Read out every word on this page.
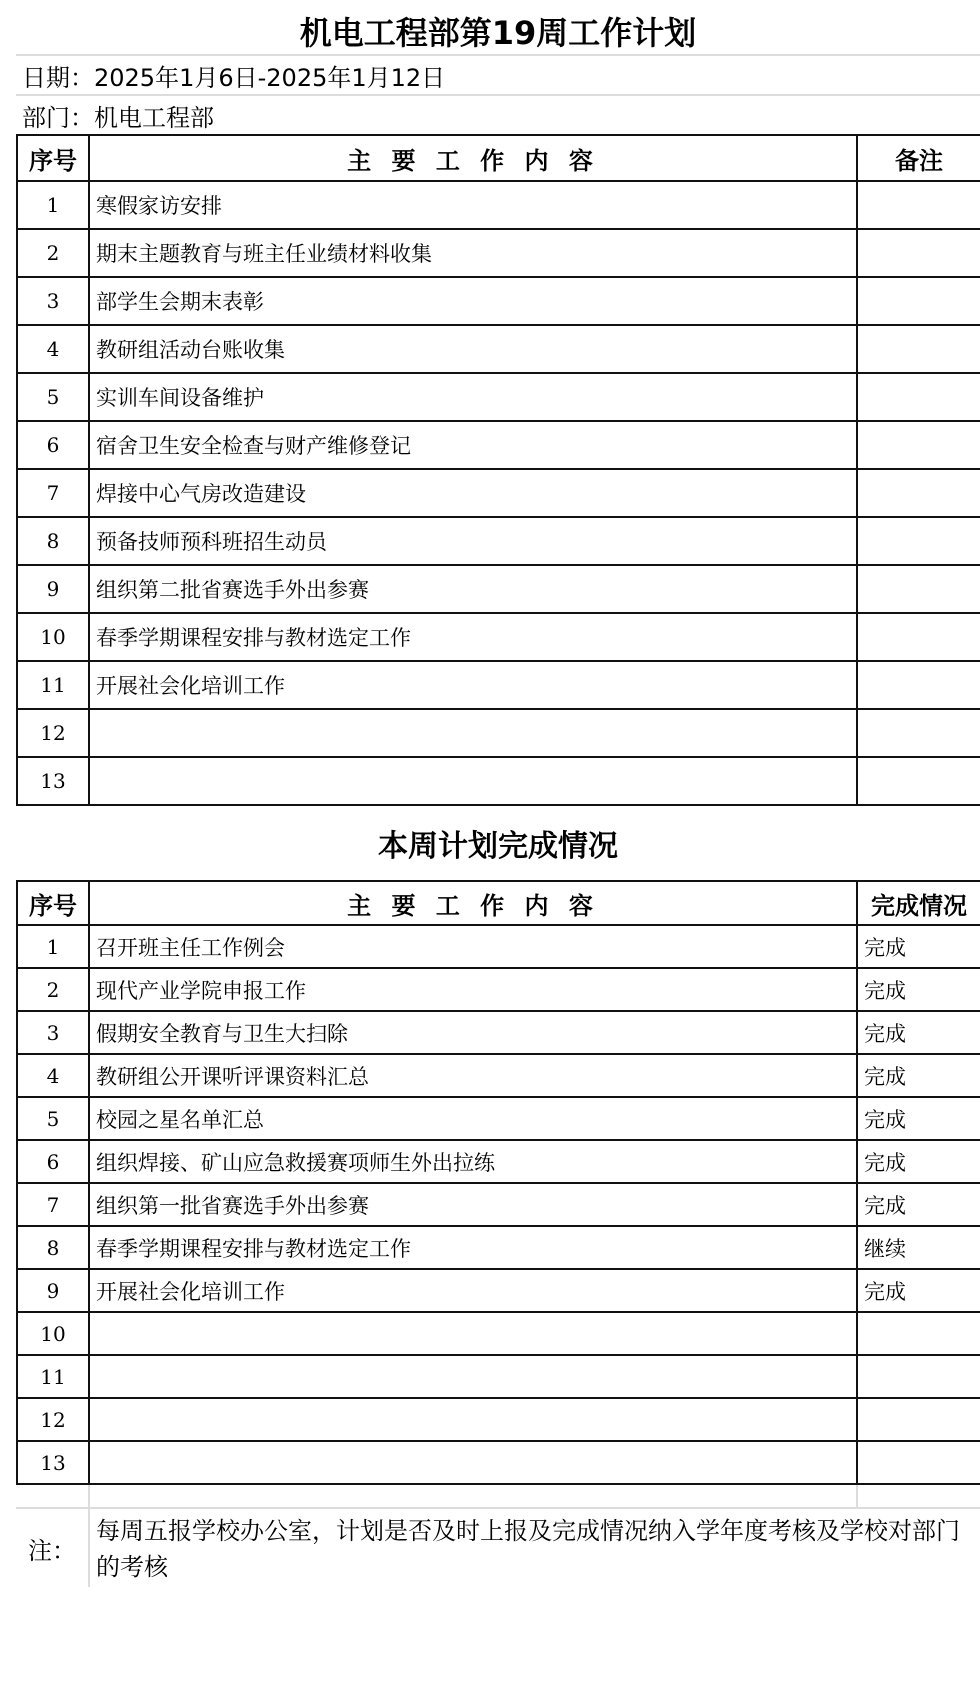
机电工程部第19周工作计划
日期：2025年1月6日-2025年1月12日
部门：机电工程部
序号	主 要 工 作 内 容	备注
1	寒假家访安排
2	期末主题教育与班主任业绩材料收集
3	部学生会期末表彰
4	教研组活动台账收集
5	实训车间设备维护
6	宿舍卫生安全检查与财产维修登记
7	焊接中心气房改造建设
8	预备技师预科班招生动员
9	组织第二批省赛选手外出参赛
10	春季学期课程安排与教材选定工作
11	开展社会化培训工作
12
13
本周计划完成情况
序号	主 要 工 作 内 容	完成情况
1	召开班主任工作例会	完成
2	现代产业学院申报工作	完成
3	假期安全教育与卫生大扫除	完成
4	教研组公开课听评课资料汇总	完成
5	校园之星名单汇总	完成
6	组织焊接、矿山应急救援赛项师生外出拉练	完成
7	组织第一批省赛选手外出参赛	完成
8	春季学期课程安排与教材选定工作	继续
9	开展社会化培训工作	完成
10
11
12
13
注：
每周五报学校办公室，计划是否及时上报及完成情况纳入学年度考核及学校对部门的考核
